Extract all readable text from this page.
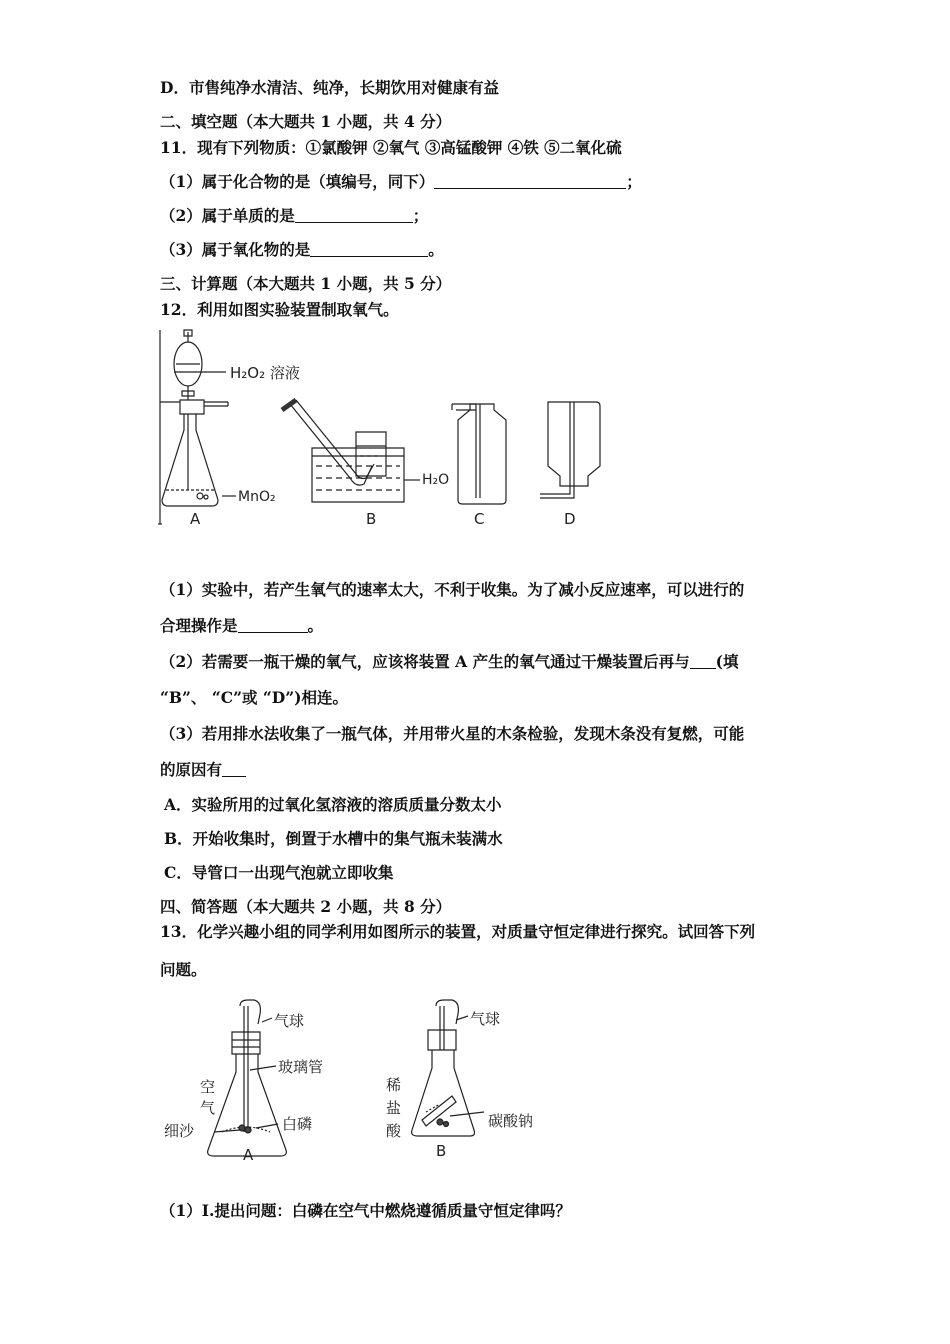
D．市售纯净水清洁、纯净，长期饮用对健康有益
二、填空题（本大题共 1 小题，共 4 分）
11．现有下列物质：①氯酸钾 ②氧气 ③高锰酸钾 ④铁 ⑤二氧化硫
（1）属于化合物的是（填编号，同下）	；
（2）属于单质的是	；
（3）属于氧化物的是	。
三、计算题（本大题共 1 小题，共 5 分）
12．利用如图实验装置制取氧气。
H₂O₂ 溶液
MnO₂
H₂O
A	B	C	D
（1）实验中，若产生氧气的速率太大，不利于收集。为了减小反应速率，可以进行的
合理操作是	。
（2）若需要一瓶干燥的氧气，应该将装置 A 产生的氧气通过干燥装置后再与 (填
“B”、 “C”或 “D”)相连。
（3）若用排水法收集了一瓶气体，并用带火星的木条检验，发现木条没有复燃，可能
的原因有
A．实验所用的过氧化氢溶液的溶质质量分数太小
B．开始收集时，倒置于水槽中的集气瓶未装满水
C．导管口一出现气泡就立即收集
四、简答题（本大题共 2 小题，共 8 分）
13．化学兴趣小组的同学利用如图所示的装置，对质量守恒定律进行探究。试回答下列
问题。
气球
玻璃管
空
气
细沙	白磷
A
气球
稀
盐
酸
碳酸钠
B
（1）I.提出问题：白磷在空气中燃烧遵循质量守恒定律吗？
